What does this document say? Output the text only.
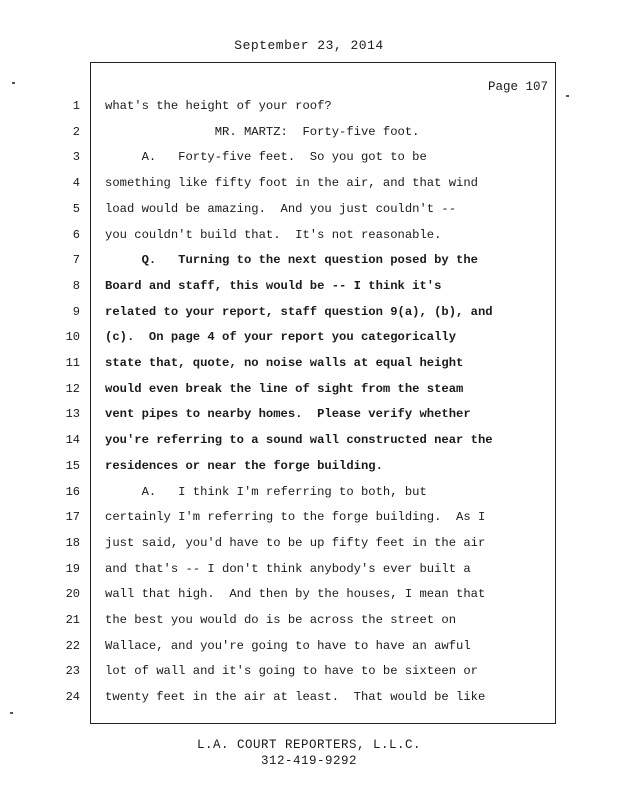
September 23, 2014
Page 107
1 what's the height of your roof?
2 MR. MARTZ:  Forty-five foot.
3 A.   Forty-five feet.  So you got to be
4 something like fifty foot in the air, and that wind
5 load would be amazing.  And you just couldn't --
6 you couldn't build that.  It's not reasonable.
7 Q.   Turning to the next question posed by the
8 Board and staff, this would be -- I think it's
9 related to your report, staff question 9(a), (b), and
10 (c).  On page 4 of your report you categorically
11 state that, quote, no noise walls at equal height
12 would even break the line of sight from the steam
13 vent pipes to nearby homes.  Please verify whether
14 you're referring to a sound wall constructed near the
15 residences or near the forge building.
16 A.   I think I'm referring to both, but
17 certainly I'm referring to the forge building.  As I
18 just said, you'd have to be up fifty feet in the air
19 and that's -- I don't think anybody's ever built a
20 wall that high.  And then by the houses, I mean that
21 the best you would do is be across the street on
22 Wallace, and you're going to have to have an awful
23 lot of wall and it's going to have to be sixteen or
24 twenty feet in the air at least.  That would be like
L.A. COURT REPORTERS, L.L.C.
312-419-9292
